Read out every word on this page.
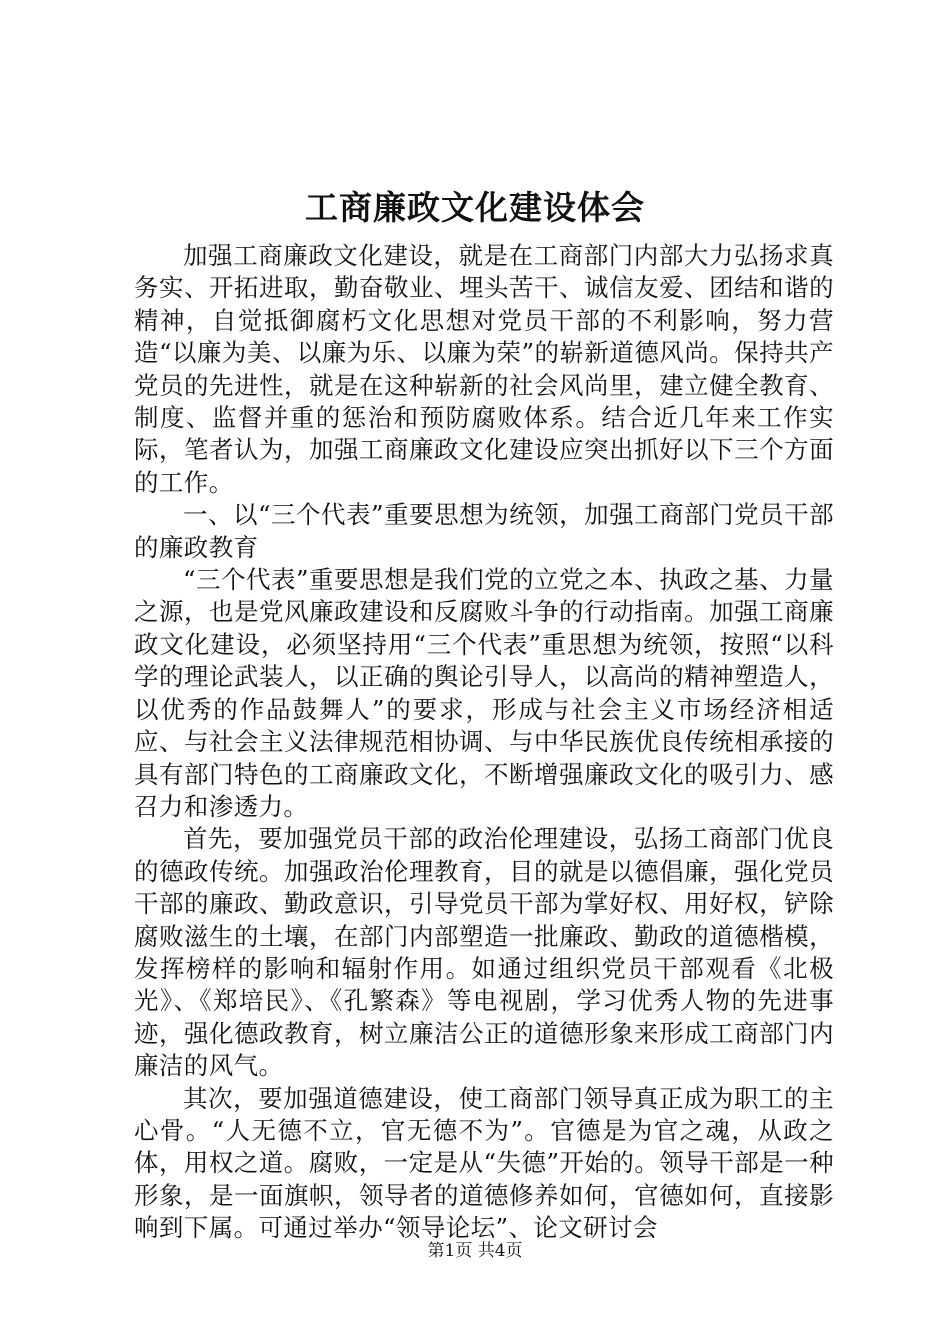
工商廉政文化建设体会

加强工商廉政文化建设，就是在工商部门内部大力弘扬求真务实、开拓进取，勤奋敬业、埋头苦干、诚信友爱、团结和谐的精神，自觉抵御腐朽文化思想对党员干部的不利影响，努力营造“以廉为美、以廉为乐、以廉为荣”的崭新道德风尚。保持共产党员的先进性，就是在这种崭新的社会风尚里，建立健全教育、制度、监督并重的惩治和预防腐败体系。结合近几年来工作实际，笔者认为，加强工商廉政文化建设应突出抓好以下三个方面的工作。

一、以“三个代表”重要思想为统领，加强工商部门党员干部的廉政教育

“三个代表”重要思想是我们党的立党之本、执政之基、力量之源，也是党风廉政建设和反腐败斗争的行动指南。加强工商廉政文化建设，必须坚持用“三个代表”重思想为统领，按照“以科学的理论武装人，以正确的舆论引导人，以高尚的精神塑造人，以优秀的作品鼓舞人”的要求，形成与社会主义市场经济相适应、与社会主义法律规范相协调、与中华民族优良传统相承接的具有部门特色的工商廉政文化，不断增强廉政文化的吸引力、感召力和渗透力。

首先，要加强党员干部的政治伦理建设，弘扬工商部门优良的德政传统。加强政治伦理教育，目的就是以德倡廉，强化党员干部的廉政、勤政意识，引导党员干部为掌好权、用好权，铲除腐败滋生的土壤，在部门内部塑造一批廉政、勤政的道德楷模，发挥榜样的影响和辐射作用。如通过组织党员干部观看《北极光》、《郑培民》、《孔繁森》等电视剧，学习优秀人物的先进事迹，强化德政教育，树立廉洁公正的道德形象来形成工商部门内廉洁的风气。

其次，要加强道德建设，使工商部门领导真正成为职工的主心骨。“人无德不立，官无德不为”。官德是为官之魂，从政之体，用权之道。腐败，一定是从“失德”开始的。领导干部是一种形象，是一面旗帜，领导者的道德修养如何，官德如何，直接影响到下属。可通过举办“领导论坛”、论文研讨会

第1页 共4页
